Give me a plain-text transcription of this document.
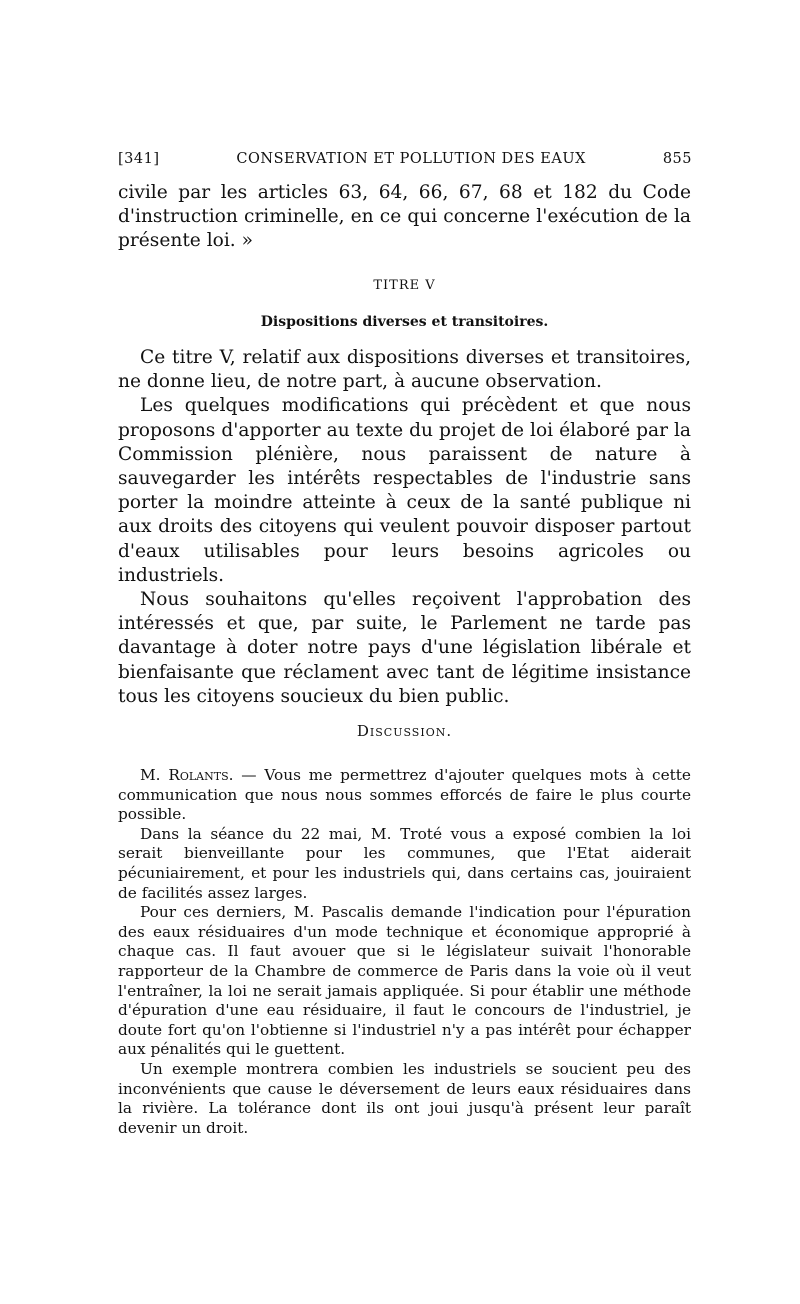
[341]	CONSERVATION ET POLLUTION DES EAUX	855

civile par les articles 63, 64, 66, 67, 68 et 182 du Code d'instruction criminelle, en ce qui concerne l'exécution de la présente loi. »

TITRE V
Dispositions diverses et transitoires.

Ce titre V, relatif aux dispositions diverses et transitoires, ne donne lieu, de notre part, à aucune observation.

Les quelques modifications qui précèdent et que nous proposons d'apporter au texte du projet de loi élaboré par la Commission plénière, nous paraissent de nature à sauvegarder les intérêts respectables de l'industrie sans porter la moindre atteinte à ceux de la santé publique ni aux droits des citoyens qui veulent pouvoir disposer partout d'eaux utilisables pour leurs besoins agricoles ou industriels.

Nous souhaitons qu'elles reçoivent l'approbation des intéressés et que, par suite, le Parlement ne tarde pas davantage à doter notre pays d'une législation libérale et bienfaisante que réclament avec tant de légitime insistance tous les citoyens soucieux du bien public.

Discussion.

M. Rolants. — Vous me permettrez d'ajouter quelques mots à cette communication que nous nous sommes efforcés de faire le plus courte possible.

Dans la séance du 22 mai, M. Troté vous a exposé combien la loi serait bienveillante pour les communes, que l'Etat aiderait pécuniairement, et pour les industriels qui, dans certains cas, jouiraient de facilités assez larges.

Pour ces derniers, M. Pascalis demande l'indication pour l'épuration des eaux résiduaires d'un mode technique et économique approprié à chaque cas. Il faut avouer que si le législateur suivait l'honorable rapporteur de la Chambre de commerce de Paris dans la voie où il veut l'entraîner, la loi ne serait jamais appliquée. Si pour établir une méthode d'épuration d'une eau résiduaire, il faut le concours de l'industriel, je doute fort qu'on l'obtienne si l'industriel n'y a pas intérêt pour échapper aux pénalités qui le guettent.

Un exemple montrera combien les industriels se soucient peu des inconvénients que cause le déversement de leurs eaux résiduaires dans la rivière. La tolérance dont ils ont joui jusqu'à présent leur paraît devenir un droit.
